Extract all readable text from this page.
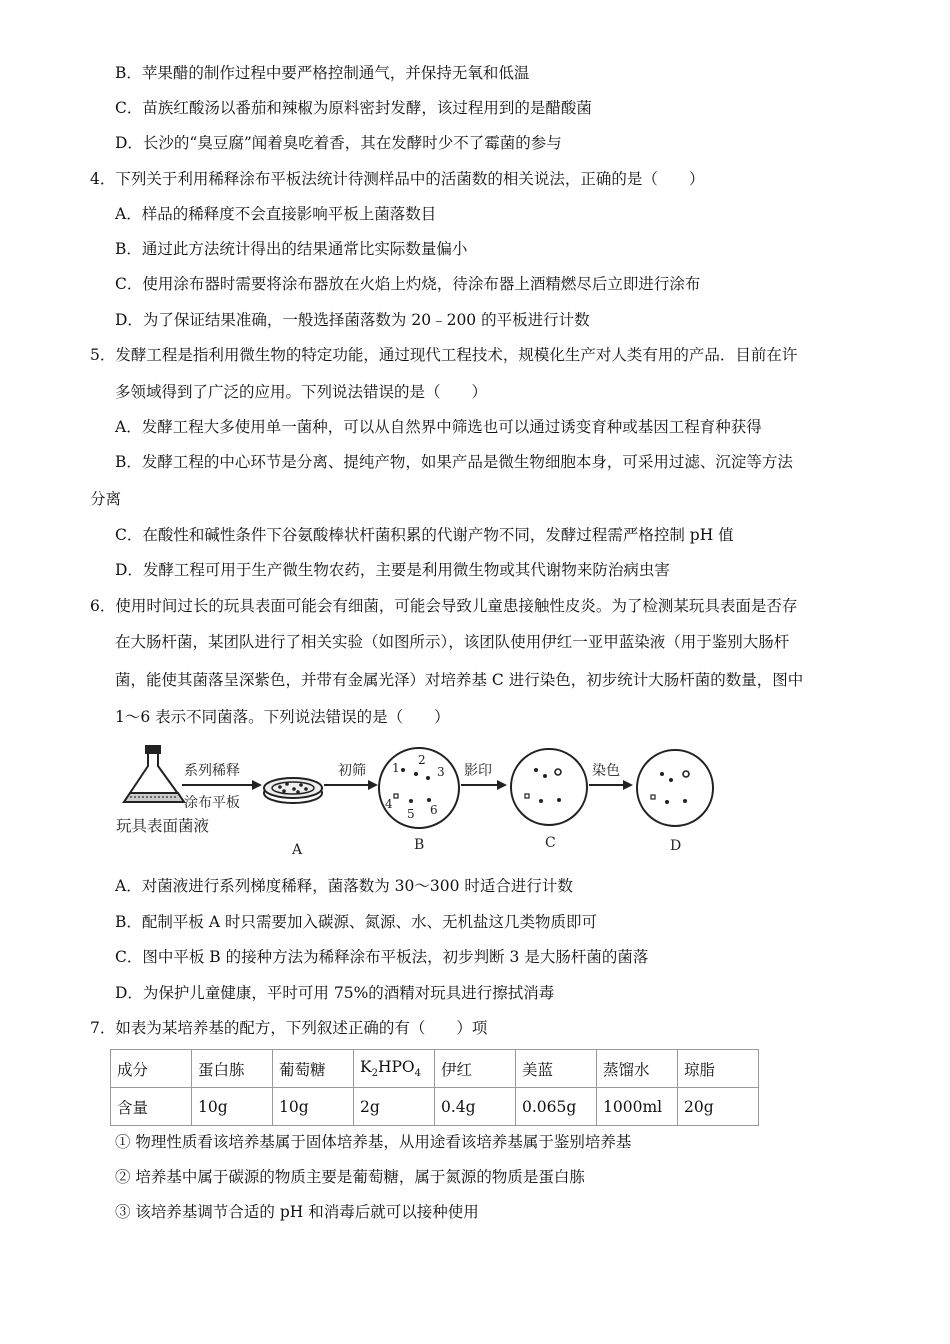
B．苹果醋的制作过程中要严格控制通气，并保持无氧和低温
C．苗族红酸汤以番茄和辣椒为原料密封发酵，该过程用到的是醋酸菌
D．长沙的“臭豆腐”闻着臭吃着香，其在发酵时少不了霉菌的参与
4．下列关于利用稀释涂布平板法统计待测样品中的活菌数的相关说法，正确的是（　　）
A．样品的稀释度不会直接影响平板上菌落数目
B．通过此方法统计得出的结果通常比实际数量偏小
C．使用涂布器时需要将涂布器放在火焰上灼烧，待涂布器上酒精燃尽后立即进行涂布
D．为了保证结果准确，一般选择菌落数为 20﹣200 的平板进行计数
5．发酵工程是指利用微生物的特定功能，通过现代工程技术，规模化生产对人类有用的产品．目前在许
多领域得到了广泛的应用。下列说法错误的是（　　）
A．发酵工程大多使用单一菌种，可以从自然界中筛选也可以通过诱变育种或基因工程育种获得
B．发酵工程的中心环节是分离、提纯产物，如果产品是微生物细胞本身，可采用过滤、沉淀等方法
分离
C．在酸性和碱性条件下谷氨酸棒状杆菌积累的代谢产物不同，发酵过程需严格控制 pH 值
D．发酵工程可用于生产微生物农药，主要是利用微生物或其代谢物来防治病虫害
6．使用时间过长的玩具表面可能会有细菌，可能会导致儿童患接触性皮炎。为了检测某玩具表面是否存
在大肠杆菌，某团队进行了相关实验（如图所示），该团队使用伊红一亚甲蓝染液（用于鉴别大肠杆
菌，能使其菌落呈深紫色，并带有金属光泽）对培养基 C 进行染色，初步统计大肠杆菌的数量，图中
1～6 表示不同菌落。下列说法错误的是（　　）
玩具表面菌液
系列稀释
涂布平板
A
初筛 1
2
3
4
5 6
B
影印
C
染色
D
A．对菌液进行系列梯度稀释，菌落数为 30～300 时适合进行计数
B．配制平板 A 时只需要加入碳源、氮源、水、无机盐这几类物质即可
C．图中平板 B 的接种方法为稀释涂布平板法，初步判断 3 是大肠杆菌的菌落
D．为保护儿童健康，平时可用 75%的酒精对玩具进行擦拭消毒
7．如表为某培养基的配方，下列叙述正确的有（　　）项
成分	蛋白胨	葡萄糖	$K_2HPO_4$	伊红	美蓝	蒸馏水	琼脂
含量	10g	10g	2g	0.4g	0.065g	1000ml	20g
① 物理性质看该培养基属于固体培养基，从用途看该培养基属于鉴别培养基
② 培养基中属于碳源的物质主要是葡萄糖，属于氮源的物质是蛋白胨
③ 该培养基调节合适的 pH 和消毒后就可以接种使用
